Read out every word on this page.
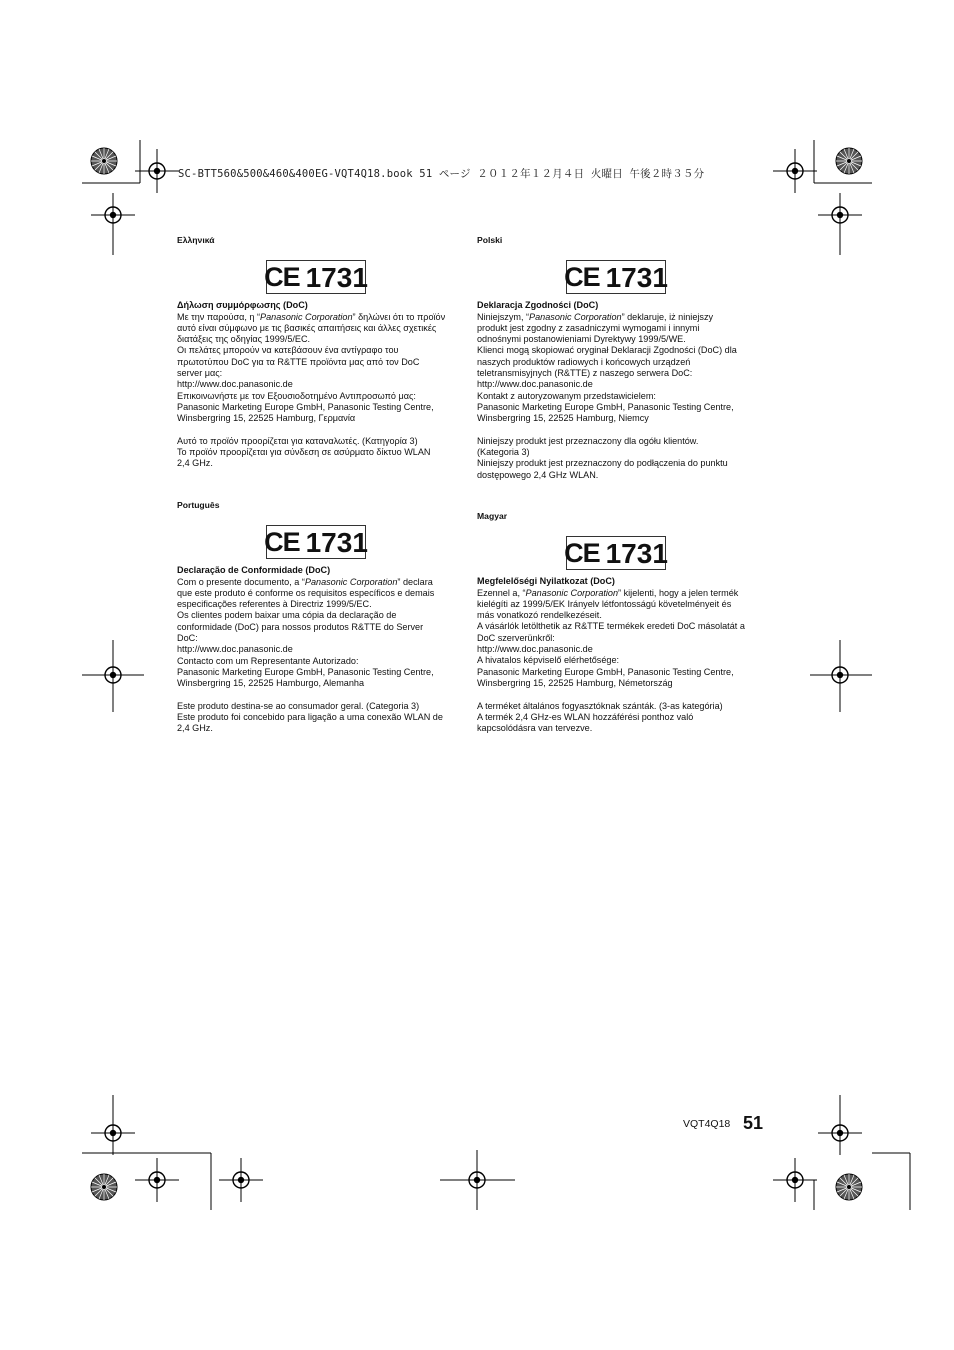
SC-BTT560&500&460&400EG-VQT4Q18.book 51 ページ ２０１２年１２月４日 火曜日 午後２時３５分
Ελληνικά
CE 1731
Δήλωση συμμόρφωσης (DoC)
Με την παρούσα, η “Panasonic Corporation” δηλώνει ότι το προϊόν
αυτό είναι σύμφωνο με τις βασικές απαιτήσεις και άλλες σχετικές
διατάξεις της οδηγίας 1999/5/EC.
Οι πελάτες μπορούν να κατεβάσουν ένα αντίγραφο του
πρωτοτύπου DoC για τα R&TTE προϊόντα μας από τον DoC
server μας:
http://www.doc.panasonic.de
Επικοινωνήστε με τον Εξουσιοδοτημένο Αντιπροσωπό μας:
Panasonic Marketing Europe GmbH, Panasonic Testing Centre,
Winsbergring 15, 22525 Hamburg, Γερμανία
Αυτό το προϊόν προορίζεται για καταναλωτές. (Κατηγορία 3)
Το προϊόν προορίζεται για σύνδεση σε ασύρματο δίκτυο WLAN
2,4 GHz.
Polski
CE 1731
Deklaracja Zgodności (DoC)
Niniejszym, “Panasonic Corporation” deklaruje, iż niniejszy
produkt jest zgodny z zasadniczymi wymogami i innymi
odnośnymi postanowieniami Dyrektywy 1999/5/WE.
Klienci mogą skopiować oryginał Deklaracji Zgodności (DoC) dla
naszych produktów radiowych i końcowych urządzeń
teletransmisyjnych (R&TTE) z naszego serwera DoC:
http://www.doc.panasonic.de
Kontakt z autoryzowanym przedstawicielem:
Panasonic Marketing Europe GmbH, Panasonic Testing Centre,
Winsbergring 15, 22525 Hamburg, Niemcy
Niniejszy produkt jest przeznaczony dla ogółu klientów.
(Kategoria 3)
Niniejszy produkt jest przeznaczony do podłączenia do punktu
dostępowego 2,4 GHz WLAN.
Português
CE 1731
Declaração de Conformidade (DoC)
Com o presente documento, a “Panasonic Corporation” declara
que este produto é conforme os requisitos específicos e demais
especificações referentes à Directriz 1999/5/EC.
Os clientes podem baixar uma cópia da declaração de
conformidade (DoC) para nossos produtos R&TTE do Server
DoC:
http://www.doc.panasonic.de
Contacto com um Representante Autorizado:
Panasonic Marketing Europe GmbH, Panasonic Testing Centre,
Winsbergring 15, 22525 Hamburgo, Alemanha
Este produto destina-se ao consumador geral. (Categoria 3)
Este produto foi concebido para ligação a uma conexão WLAN de
2,4 GHz.
Magyar
CE 1731
Megfelelőségi Nyilatkozat (DoC)
Ezennel a, “Panasonic Corporation” kijelenti, hogy a jelen termék
kielégíti az 1999/5/EK Irányelv létfontosságú követelményeit és
más vonatkozó rendelkezéseit.
A vásárlók letölthetik az R&TTE termékek eredeti DoC másolatát a
DoC szerverünkről:
http://www.doc.panasonic.de
A hivatalos képviselő elérhetősége:
Panasonic Marketing Europe GmbH, Panasonic Testing Centre,
Winsbergring 15, 22525 Hamburg, Németország
A terméket általános fogyasztóknak szánták. (3-as kategória)
A termék 2,4 GHz-es WLAN hozzáférési ponthoz való
kapcsolódásra van tervezve.
VQT4Q18 51
